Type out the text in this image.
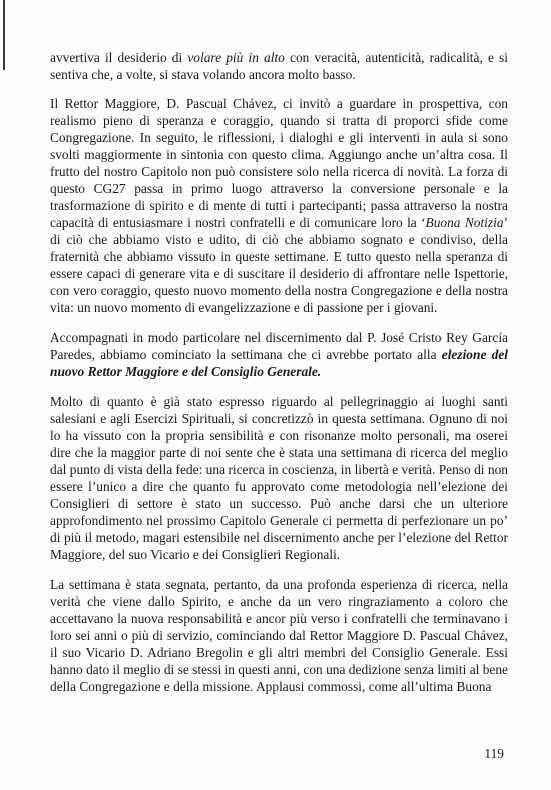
avvertiva il desiderio di volare più in alto con veracità, autenticità, radicalità, e si sentiva che, a volte, si stava volando ancora molto basso.

Il Rettor Maggiore, D. Pascual Chávez, ci invitò a guardare in prospettiva, con realismo pieno di speranza e coraggio, quando si tratta di proporci sfide come Congregazione. In seguito, le riflessioni, i dialoghi e gli interventi in aula si sono svolti maggiormente in sintonia con questo clima. Aggiungo anche un’altra cosa. Il frutto del nostro Capitolo non può consistere solo nella ricerca di novità. La forza di questo CG27 passa in primo luogo attraverso la conversione personale e la trasformazione di spirito e di mente di tutti i partecipanti; passa attraverso la nostra capacità di entusiasmare i nostri confratelli e di comunicare loro la ‘Buona Notizia’ di ciò che abbiamo visto e udito, di ciò che abbiamo sognato e condiviso, della fraternità che abbiamo vissuto in queste settimane. E tutto questo nella speranza di essere capaci di generare vita e di suscitare il desiderio di affrontare nelle Ispettorie, con vero coraggio, questo nuovo momento della nostra Congregazione e della nostra vita: un nuovo momento di evangelizzazione e di passione per i giovani.

Accompagnati in modo particolare nel discernimento dal P. José Cristo Rey García Paredes, abbiamo cominciato la settimana che ci avrebbe portato alla elezione del nuovo Rettor Maggiore e del Consiglio Generale.

Molto di quanto è già stato espresso riguardo al pellegrinaggio ai luoghi santi salesiani e agli Esercizi Spirituali, si concretizzò in questa settimana. Ognuno di noi lo ha vissuto con la propria sensibilità e con risonanze molto personali, ma oserei dire che la maggior parte di noi sente che è stata una settimana di ricerca del meglio dal punto di vista della fede: una ricerca in coscienza, in libertà e verità. Penso di non essere l’unico a dire che quanto fu approvato come metodologia nell’elezione dei Consiglieri di settore è stato un successo. Può anche darsi che un ulteriore approfondimento nel prossimo Capitolo Generale ci permetta di perfezionare un po’ di più il metodo, magari estensibile nel discernimento anche per l’elezione del Rettor Maggiore, del suo Vicario e dei Consiglieri Regionali.

La settimana è stata segnata, pertanto, da una profonda esperienza di ricerca, nella verità che viene dallo Spirito, e anche da un vero ringraziamento a coloro che accettavano la nuova responsabilità e ancor più verso i confratelli che terminavano i loro sei anni o più di servizio, cominciando dal Rettor Maggiore D. Pascual Chávez, il suo Vicario D. Adriano Bregolin e gli altri membri del Consiglio Generale. Essi hanno dato il meglio di se stessi in questi anni, con una dedizione senza limiti al bene della Congregazione e della missione. Applausi commossi, come all’ultima Buona

119
